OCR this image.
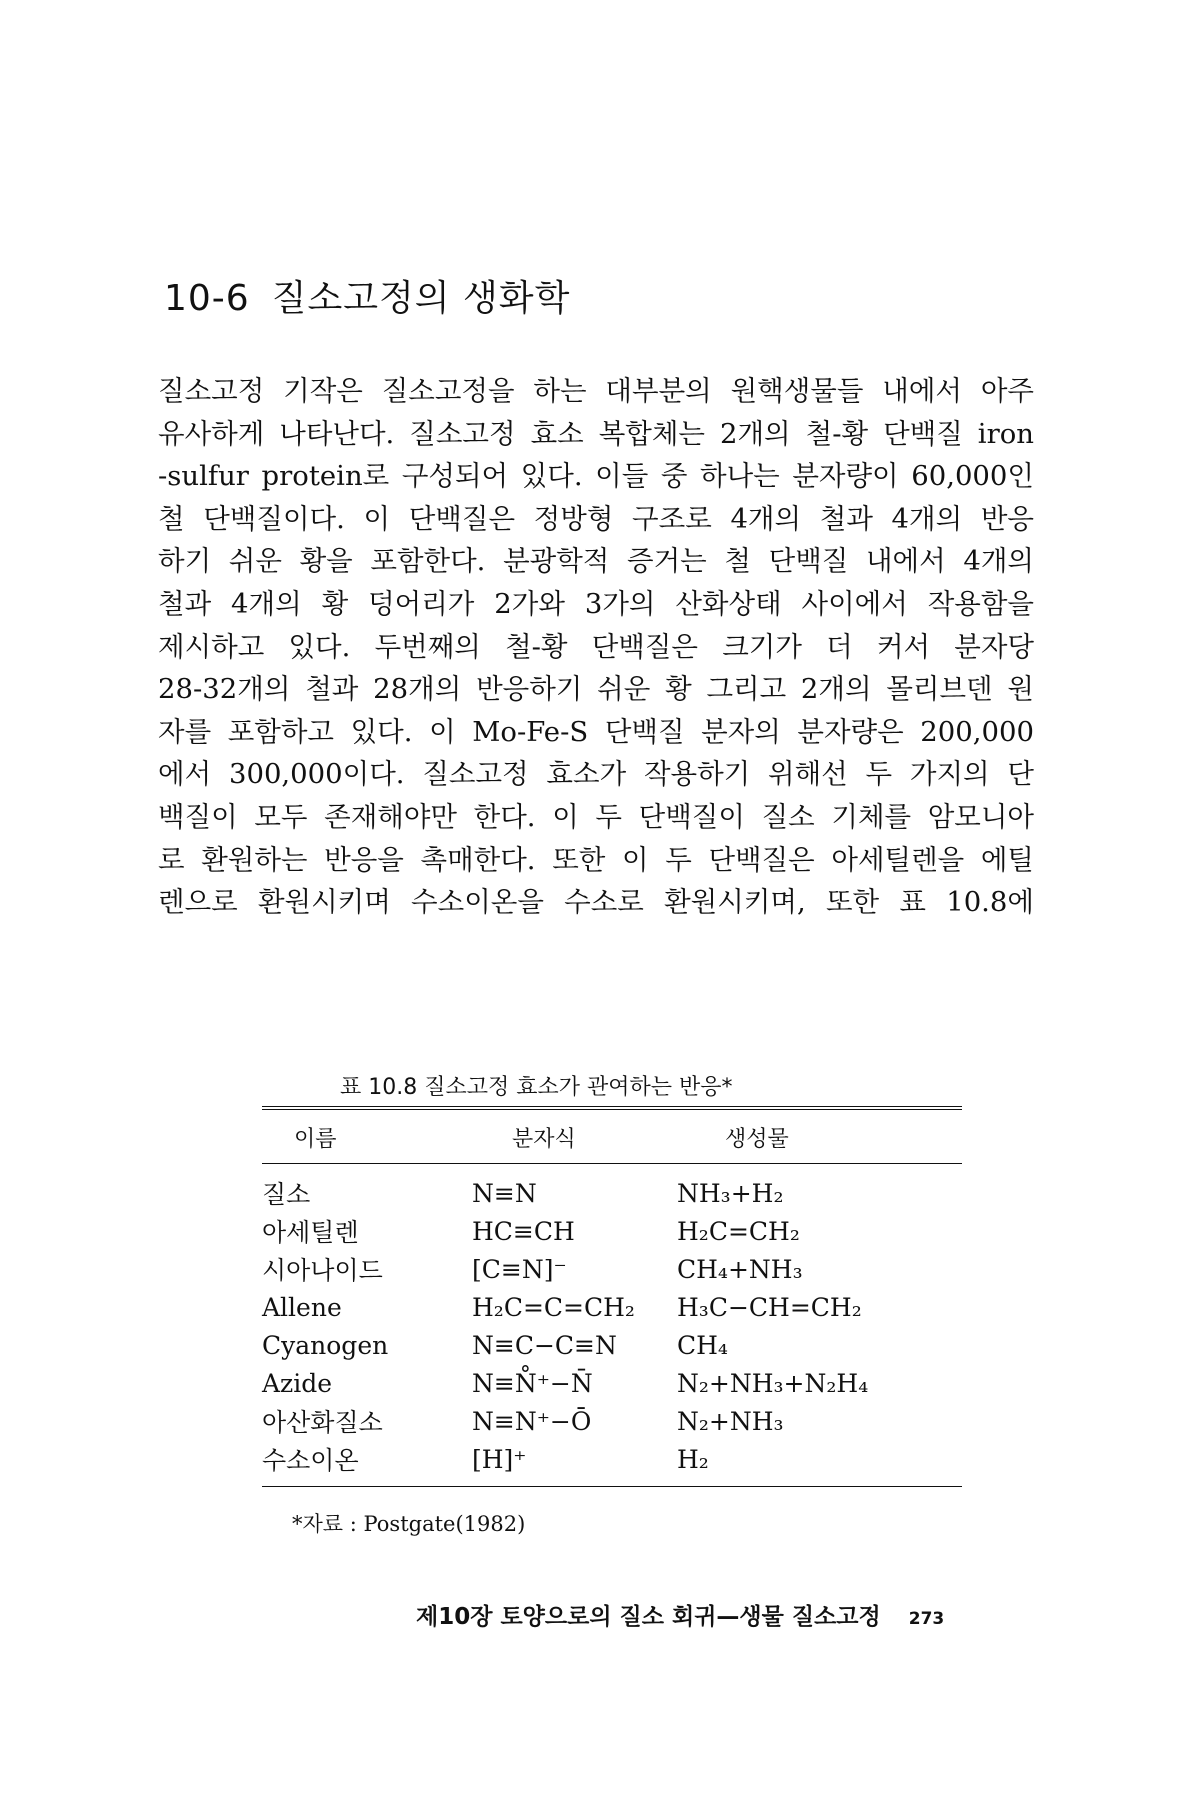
10-6 질소고정의 생화학

질소고정 기작은 질소고정을 하는 대부분의 원핵생물들 내에서 아주
유사하게 나타난다. 질소고정 효소 복합체는 2개의 철-황 단백질 iron
-sulfur protein로 구성되어 있다. 이들 중 하나는 분자량이 60,000인
철 단백질이다. 이 단백질은 정방형 구조로 4개의 철과 4개의 반응
하기 쉬운 황을 포함한다. 분광학적 증거는 철 단백질 내에서 4개의
철과 4개의 황 덩어리가 2가와 3가의 산화상태 사이에서 작용함을
제시하고 있다. 두번째의 철-황 단백질은 크기가 더 커서 분자당
28-32개의 철과 28개의 반응하기 쉬운 황 그리고 2개의 몰리브덴 원
자를 포함하고 있다. 이 Mo-Fe-S 단백질 분자의 분자량은 200,000
에서 300,000이다. 질소고정 효소가 작용하기 위해선 두 가지의 단
백질이 모두 존재해야만 한다. 이 두 단백질이 질소 기체를 암모니아
로 환원하는 반응을 촉매한다. 또한 이 두 단백질은 아세틸렌을 에틸
렌으로 환원시키며 수소이온을 수소로 환원시키며, 또한 표 10.8에

표 10.8 질소고정 효소가 관여하는 반응*
이름	분자식	생성물
질소	N≡N	NH₃+H₂
아세틸렌	HC≡CH	H₂C=CH₂
시아나이드	[C≡N]⁻	CH₄+NH₃
Allene	H₂C=C=CH₂	H₃C−CH=CH₂
Cyanogen	N≡C−C≡N	CH₄
Azide	N≡N̊⁺−N̄	N₂+NH₃+N₂H₄
아산화질소	N≡N⁺−Ō	N₂+NH₃
수소이온	[H]⁺	H₂
*자료 : Postgate(1982)
제10장 토양으로의 질소 회귀—생물 질소고정 273
